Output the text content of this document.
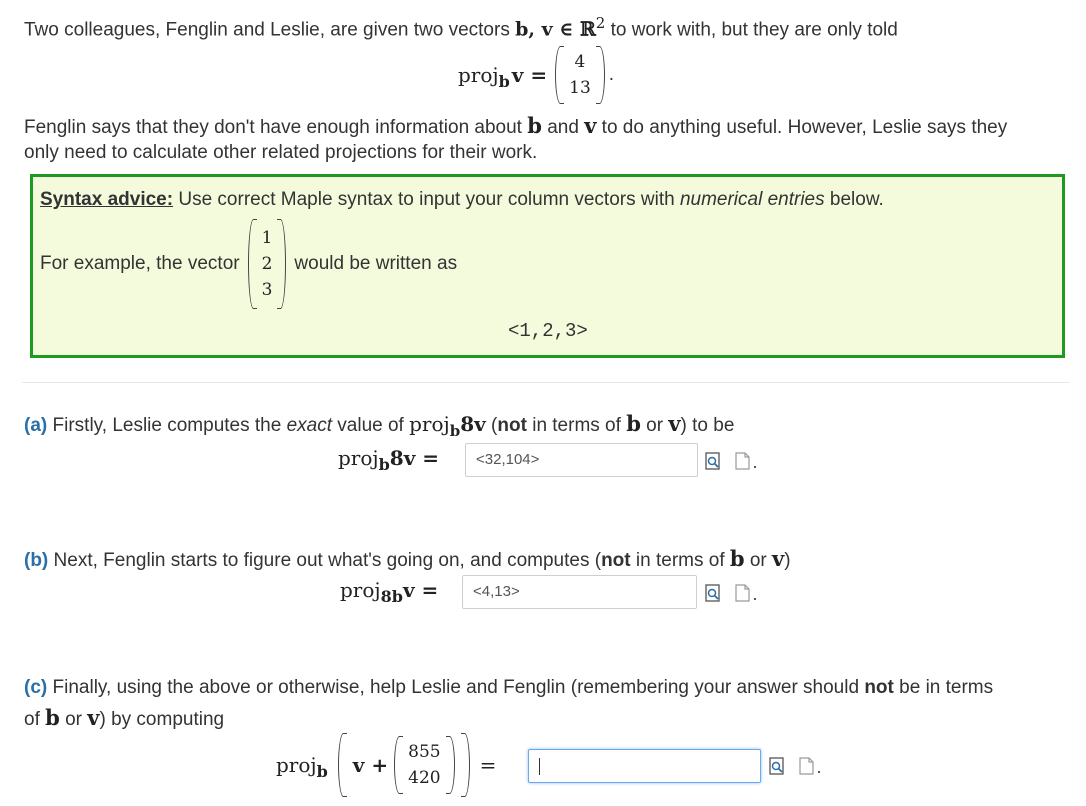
Two colleagues, Fenglin and Leslie, are given two vectors b, v ∈ ℝ$^2$ to work with, but they are only told
proj$_b$ v =
4
13
.
Fenglin says that they don't have enough information about b and v to do anything useful. However, Leslie says they
only need to calculate other related projections for their work.
Syntax advice: Use correct Maple syntax to input your column vectors with numerical entries below.
For example, the vector
1
2
3
would be written as
<1,2,3>
(a) Firstly, Leslie computes the exact value of proj$_b$8v (not in terms of b or v) to be
proj$_b$8v =	<32,104>
(b) Next, Fenglin starts to figure out what's going on, and computes (not in terms of b or v)
proj$_{8b}$v =	<4,13>
(c) Finally, using the above or otherwise, help Leslie and Fenglin (remembering your answer should not be in terms
of b or v) by computing
proj$_b$ v +
855
420
=
